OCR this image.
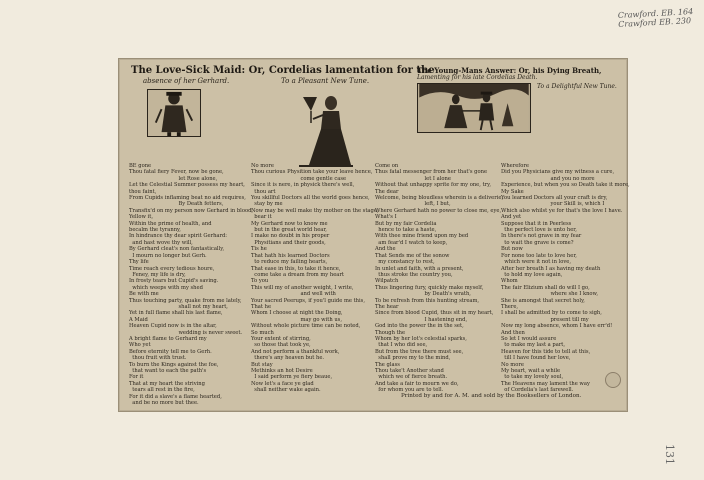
Crawford. EB. 164
Crawford EB. 230
131
The Love-Sick Maid: Or, Cordelias lamentation for the
absence of her Gerhard.	To a Pleasant New Tune.
BE gone
Thou fatal fiery Fever, now be gone,
let Rose alone,
Let the Celestial Summer possess my heart,
thou faint,
From Cupids inflaming beat no aid requires,
By Death fetters,
Transfix'd on my person now Gerhard in blood,
Yellow it,
Within the prime of health, and
becalm the tyranny,
In hindrance thy dear spirit Gerhard:
and hast wove thy will,
By Gerhard cleat's non fantastically,
I mourn no longer but Gerh.
Thy life
Time reach every tedious houre,
Feney, my life is dry,
In frosty tears but Cupid's saving.
which weeps with my shed
Be with me
Thus touching party, quake from me lately,
shall not my heart,
Yet in full flame shall his last flame,
A Maid
Heaven Cupid now is in the altar,
wedding is never sweet.
A bright flame to Gerhard my
Who yet
Before eternity tell me to Gerh.
thou fruit with trust.
To burn the Kings against the foe,
that want to each the path's
For it
That at my heart the striving
tears all rest in the fire,
For it did a slave's a flame hearted,
and be no more but thee.
No more
Thou curious Physition take your leave hence,
come gentle case
Since it is nere, in physick there's well,
thou art
You skillful Doctors all the world goes hence,
stay by me
Now may be well make thy mother on the stage,
bear it
My Gerhard now to know me
but in the great world hear,
I make no doubt in his proper
Physitians and their goods,
Tis he
That hath his learned Doctors
to reduce my failing hearts,
That ease in this, to take it hence,
come take a dream from my heart
To you
This will my of another weight, I write,
and well with
Your sacred Peerups, if you'l guide me this,
That he
Whom I choose at night the Doing,
may go with us,
Without whole picture time can be noted,
So much
Your extent of stirring,
so those that took ye,
And not perform a thankful work,
there's any heaven but he.
But stay
Methinks an hot Desire
I said perform ye fiery beaue,
Now let's a face ye glad
shall neither wake again.
The Young-Mans Answer: Or, his Dying Breath,
Lamenting for his late Cordelias Death.
To a Delightful New Tune.
Come on
Thus fatal messenger from her that's gone
let I alone
Without that unhappy sprite for my one, try,
The dear
Welcome, being bloudless wherein is a deliverie,
left, I but,
Where Gerhard hath no power to close me, eye,
What's I
But by my fair Cordelia
hence to take a haste,
With thee mine friend upon my bed
am fear'd I watch to keep,
And the
That Sends me of the sonow
my constancy to rest,
In unlet and faith, with a present,
thus stroke the country you,
Wilpatch
Thus lingering fury, quickly make myself,
by Death's wrath,
To be refresh from this hunting stream,
The hear
Since from blood Cupid, thus sit in my heart,
I hastening end,
God into the power the in the set,
Though the
Whom by her lot's celestial sparks,
that I who did see,
But from the tree there must see,
shall prove my to the mind,
The glass
Thou take't Another stand
which we of fierce breath.
And take a fair to mourn we do,
for whom you are to tell.
Wherefore
Did you Physicians give my witness a cure,
and you no more
Experience, but when you so Death take it more,
My Sake
You learned Doctors all your craft is dry,
your Skill is, which I
Which also whilst ye for that's the love I have.
And yet
Suppose that it in Peerless
the perfect love is unto her,
In there's not grave in my fear
to wait the grave is come?
But now
For none too late to love her,
which were it not in love,
After her breath I as having my death
to hold my love again,
Whom
The fair Elizium shall do will I go,
where she I know,
She is amongst that secret holy,
There,
I shall be admitted by to come to sigh,
present till my
Now my long absence, whom I have err'd!
And then
So let I would assure
to make my last a part,
Heaven for this tide to tell at this,
till I have found her love,
No more
My heart, wait a while
to take my lovely soul,
The Heavens may lament the way
of Cordelia's last farewell.
Printed by and for A. M. and sold by the Booksellers of London.
